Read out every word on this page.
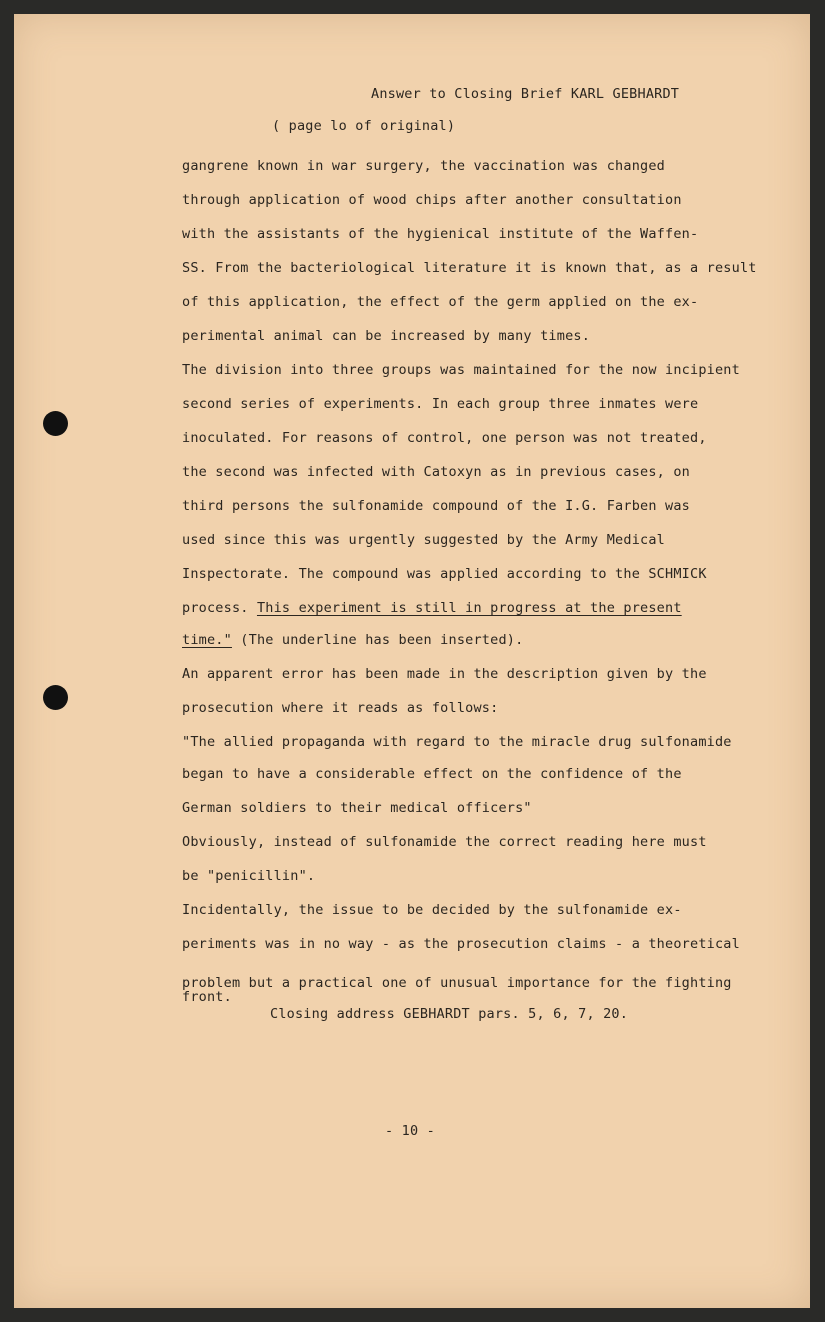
Answer to Closing Brief KARL GEBHARDT
( page lo of original)
gangrene known in war surgery, the vaccination was changed
through application of wood chips after another consultation
with the assistants of the hygienical institute of the Waffen-
SS. From the bacteriological literature it is known that, as a result
of this application, the effect of the germ applied on the ex-
perimental animal can be increased by many times.
The division into three groups was maintained for the now incipient
second series of experiments. In each group three inmates were
inoculated. For reasons of control, one person was not treated,
the second was infected with Catoxyn as in previous cases, on
third persons the sulfonamide compound of the I.G. Farben was
used since this was urgently suggested by the Army Medical
Inspectorate. The compound was applied according to the SCHMICK
process. This experiment is still in progress at the present
time." (The underline has been inserted).
An apparent error has been made in the description given by the
prosecution where it reads as follows:
"The allied propaganda with regard to the miracle drug sulfonamide
began to have a considerable effect on the confidence of the
German soldiers to their medical officers"
Obviously, instead of sulfonamide the correct reading here must
be "penicillin".
Incidentally, the issue to be decided by the sulfonamide ex-
periments was in no way - as the prosecution claims - a theoretical
problem but a practical one of unusual importance for the fighting
front.
Closing address GEBHARDT pars. 5, 6, 7, 20.
- 10 -
